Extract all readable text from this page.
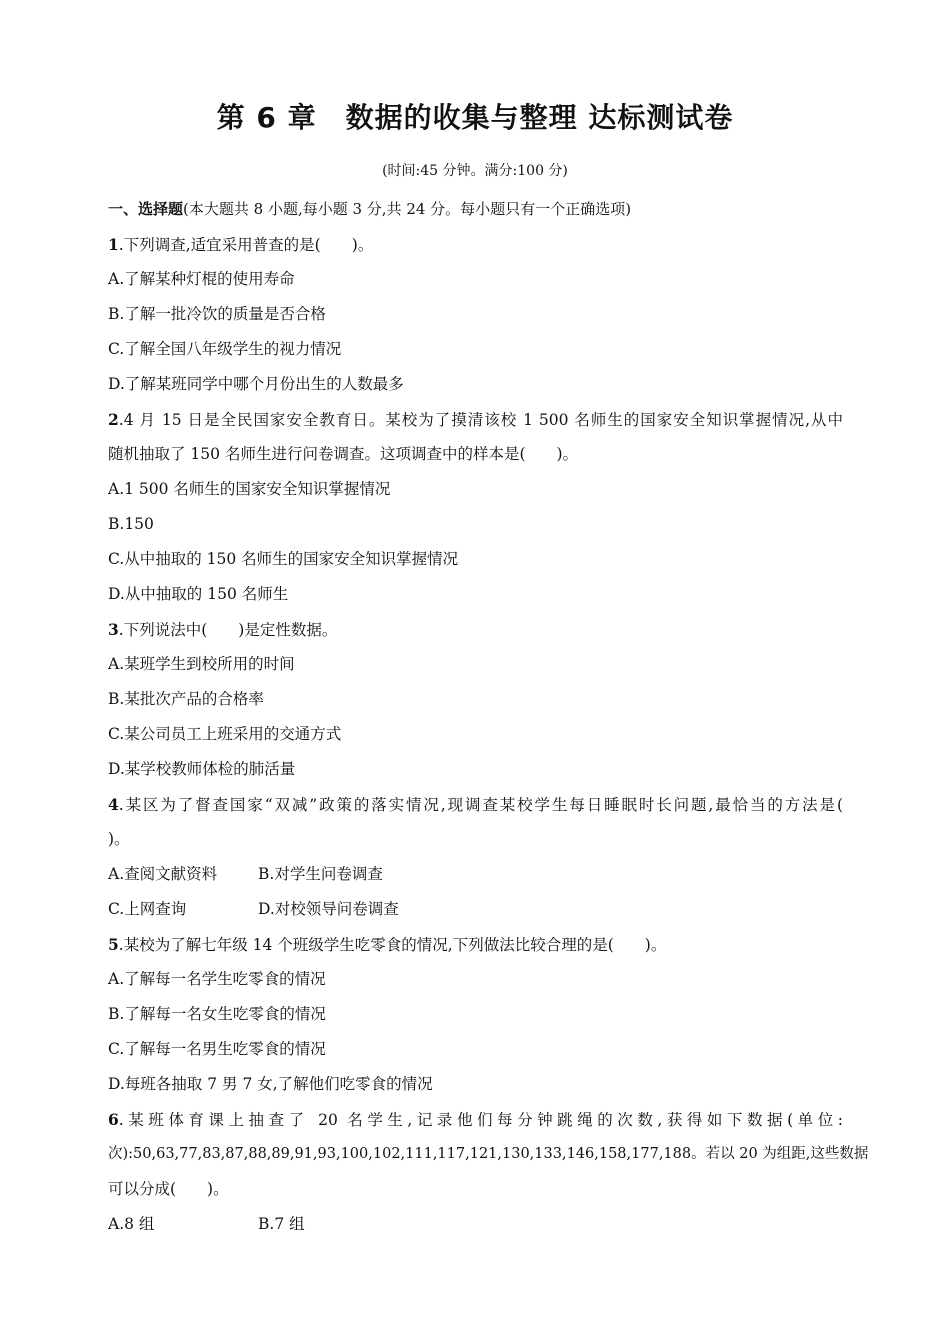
第 6 章　数据的收集与整理 达标测试卷
(时间:45 分钟。满分:100 分)
一、选择题(本大题共 8 小题,每小题 3 分,共 24 分。每小题只有一个正确选项)
1.下列调查,适宜采用普查的是(　　)。
A.了解某种灯棍的使用寿命
B.了解一批冷饮的质量是否合格
C.了解全国八年级学生的视力情况
D.了解某班同学中哪个月份出生的人数最多
2.4 月 15 日是全民国家安全教育日。某校为了摸清该校 1 500 名师生的国家安全知识掌握情况,从中
随机抽取了 150 名师生进行问卷调查。这项调查中的样本是(　　)。
A.1 500 名师生的国家安全知识掌握情况
B.150
C.从中抽取的 150 名师生的国家安全知识掌握情况
D.从中抽取的 150 名师生
3.下列说法中(　　)是定性数据。
A.某班学生到校所用的时间
B.某批次产品的合格率
C.某公司员工上班采用的交通方式
D.某学校教师体检的肺活量
4.某区为了督查国家“双减”政策的落实情况,现调查某校学生每日睡眠时长问题,最恰当的方法是(
)。
A.查阅文献资料	B.对学生问卷调查
C.上网查询	D.对校领导问卷调查
5.某校为了解七年级 14 个班级学生吃零食的情况,下列做法比较合理的是(　　)。
A.了解每一名学生吃零食的情况
B.了解每一名女生吃零食的情况
C.了解每一名男生吃零食的情况
D.每班各抽取 7 男 7 女,了解他们吃零食的情况
6.某班体育课上抽查了 20 名学生,记录他们每分钟跳绳的次数,获得如下数据(单位:
次):50,63,77,83,87,88,89,91,93,100,102,111,117,121,130,133,146,158,177,188。若以 20 为组距,这些数据
可以分成(　　)。
A.8 组	B.7 组
